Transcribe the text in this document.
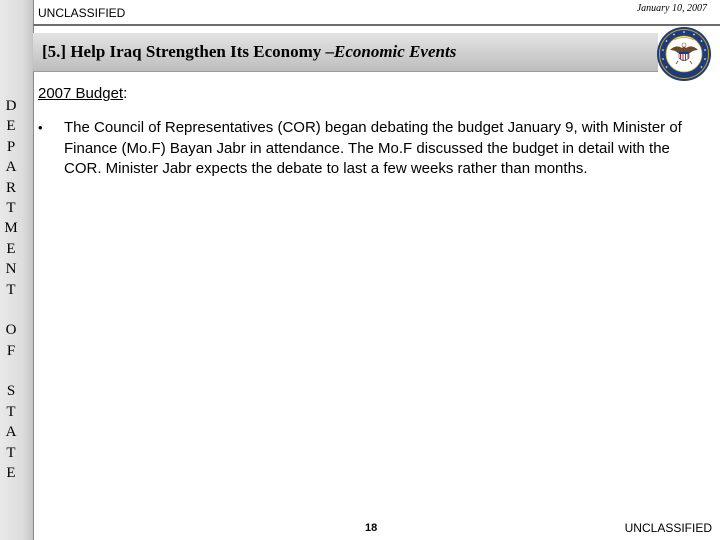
D
E
P
A
R
T
M
E
N
T
O
F
S
T
A
T
E
UNCLASSIFIED	January 10, 2007
[5.] Help Iraq Strengthen Its Economy –Economic Events
2007 Budget:
• The Council of Representatives (COR) began debating the budget January 9, with Minister of Finance (Mo.F) Bayan Jabr in attendance. The Mo.F discussed the budget in detail with the COR. Minister Jabr expects the debate to last a few weeks rather than months.
18	UNCLASSIFIED
